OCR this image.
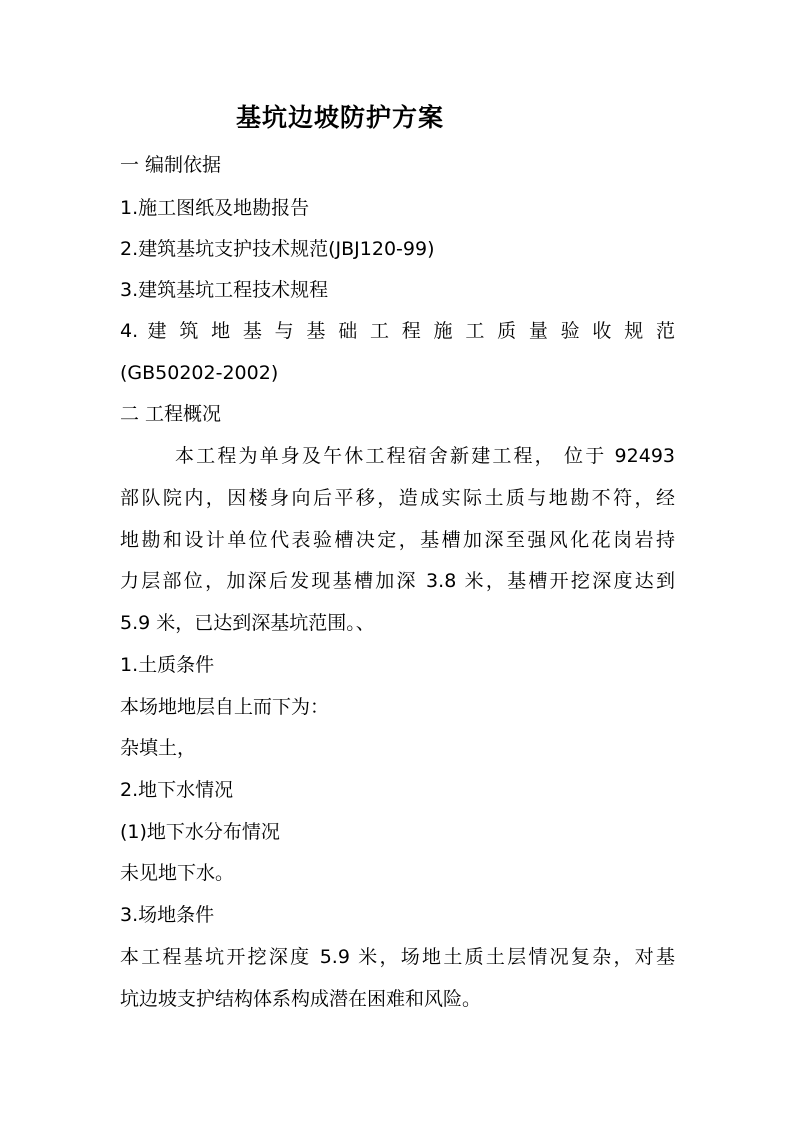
基坑边坡防护方案
一 编制依据
1.施工图纸及地勘报告
2.建筑基坑支护技术规范(JBJ120-99)
3.建筑基坑工程技术规程
4. 建 筑 地 基 与 基 础 工 程 施 工 质 量 验 收 规 范
(GB50202-2002)
二 工程概况
本工程为单身及午休工程宿舍新建工程， 位于 92493
部队院内，因楼身向后平移，造成实际土质与地勘不符，经
地勘和设计单位代表验槽决定，基槽加深至强风化花岗岩持
力层部位，加深后发现基槽加深 3.8 米，基槽开挖深度达到
5.9 米，已达到深基坑范围。、
1.土质条件
本场地地层自上而下为：
杂填土，
2.地下水情况
(1)地下水分布情况
未见地下水。
3.场地条件
本工程基坑开挖深度 5.9 米，场地土质土层情况复杂，对基
坑边坡支护结构体系构成潜在困难和风险。
